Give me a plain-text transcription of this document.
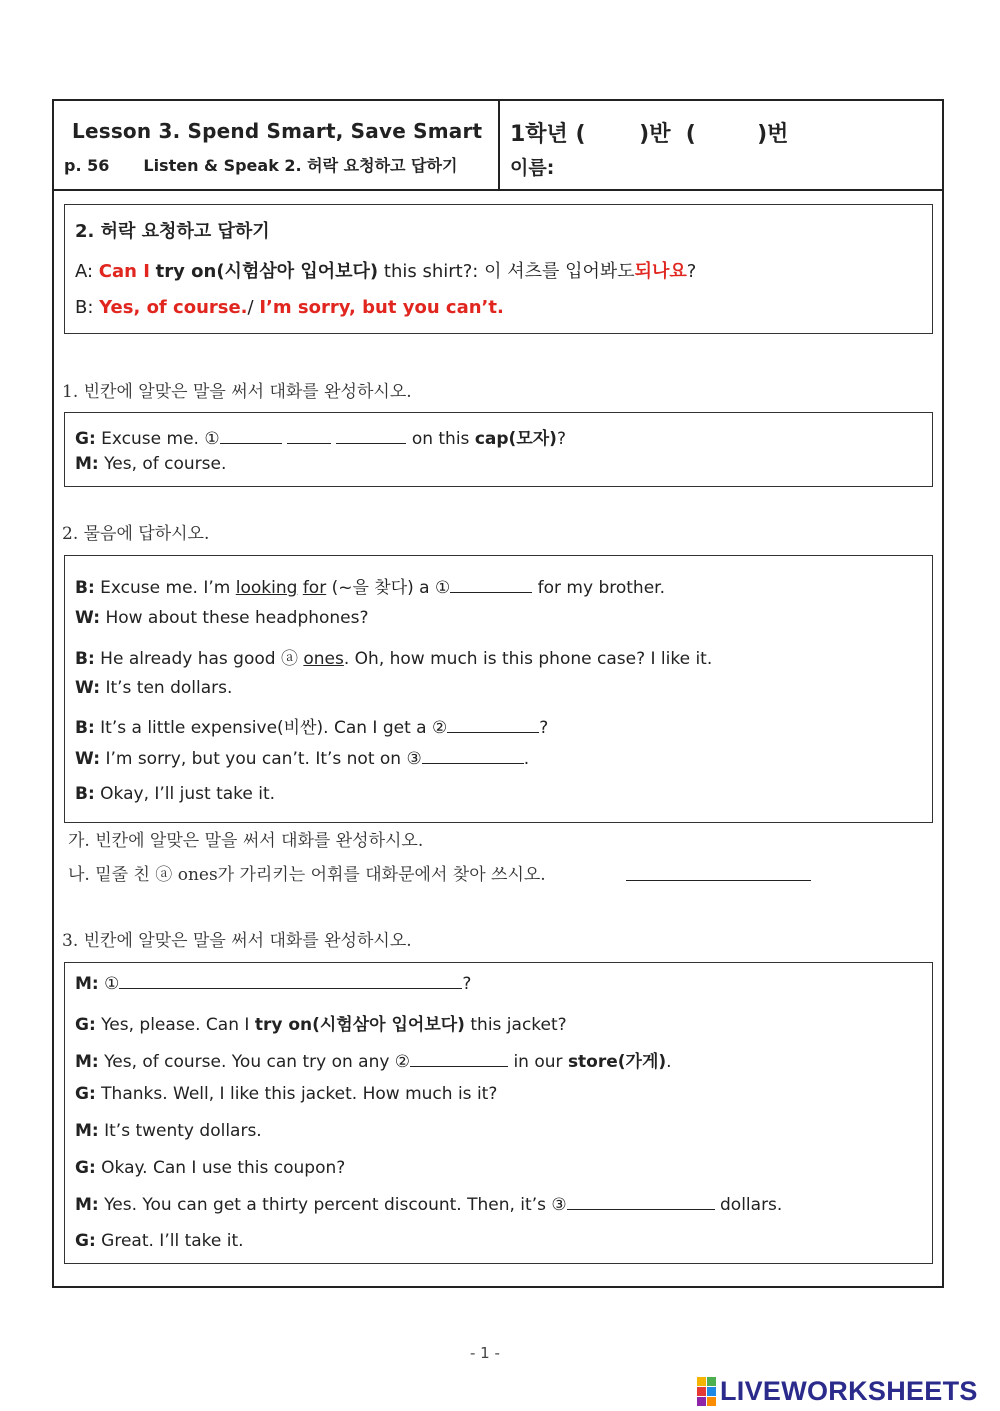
Lesson 3. Spend Smart, Save Smart
p. 56 Listen & Speak 2. 허락 요청하고 답하기
1학년 (       )반  (        )번
이름:
2. 허락 요청하고 답하기
A: Can I try on(시험삼아 입어보다) this shirt?: 이 셔츠를 입어봐도되나요?
B: Yes, of course./ I’m sorry, but you can’t.
1. 빈칸에 알맞은 말을 써서 대화를 완성하시오.
G: Excuse me. ①	on this cap(모자)?
M: Yes, of course.
2. 물음에 답하시오.
B: Excuse me. I’m looking for (~을 찾다) a ①	for my brother.
W: How about these headphones?
B: He already has good ⓐ ones. Oh, how much is this phone case? I like it.
W: It’s ten dollars.
B: It’s a little expensive(비싼). Can I get a ②	?
W: I’m sorry, but you can’t. It’s not on ③	.
B: Okay, I’ll just take it.
가. 빈칸에 알맞은 말을 써서 대화를 완성하시오.
나. 밑줄 친 ⓐ ones가 가리키는 어휘를 대화문에서 찾아 쓰시오.
3. 빈칸에 알맞은 말을 써서 대화를 완성하시오.
M: ①	?
G: Yes, please. Can I try on(시험삼아 입어보다) this jacket?
M: Yes, of course. You can try on any ②	in our store(가게).
G: Thanks. Well, I like this jacket. How much is it?
M: It’s twenty dollars.
G: Okay. Can I use this coupon?
M: Yes. You can get a thirty percent discount. Then, it’s ③	dollars.
G: Great. I’ll take it.
- 1 -
LIVEWORKSHEETS
